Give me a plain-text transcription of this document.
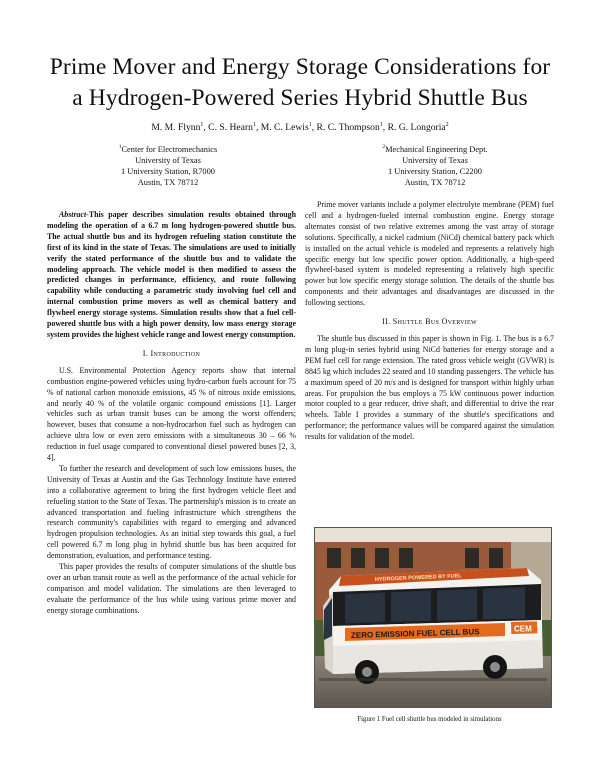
Prime Mover and Energy Storage Considerations for
a Hydrogen-Powered Series Hybrid Shuttle Bus
M. M. Flynn$^1$, C. S. Hearn$^1$, M. C. Lewis$^1$, R. C. Thompson$^1$, R. G. Longoria$^2$
$^1$Center for Electromechanics
University of Texas
1 University Station, R7000
Austin, TX 78712
$^2$Mechanical Engineering Dept.
University of Texas
1 University Station, C2200
Austin, TX 78712

Abstract-This paper describes simulation results obtained through modeling the operation of a 6.7 m long hydrogen-powered shuttle bus. The actual shuttle bus and its hydrogen refueling station constitute the first of its kind in the state of Texas. The simulations are used to initially verify the stated performance of the shuttle bus and to validate the modeling approach. The vehicle model is then modified to assess the predicted changes in performance, efficiency, and route following capability while conducting a parametric study involving fuel cell and internal combustion prime movers as well as chemical battery and flywheel energy storage systems. Simulation results show that a fuel cell-powered shuttle bus with a high power density, low mass energy storage system provides the highest vehicle range and lowest energy consumption.

I. Introduction

U.S. Environmental Protection Agency reports show that internal combustion engine-powered vehicles using hydro-carbon fuels account for 75 % of national carbon monoxide emissions, 45 % of nitrous oxide emissions, and nearly 40 % of the volatile organic compound emissions [1]. Larger vehicles such as urban transit buses can be among the worst offenders; however, buses that consume a non-hydrocarbon fuel such as hydrogen can achieve ultra low or even zero emissions with a simultaneous 30 – 66 % reduction in fuel usage compared to conventional diesel powered buses [2, 3, 4].

To further the research and development of such low emissions buses, the University of Texas at Austin and the Gas Technology Institute have entered into a collaborative agreement to bring the first hydrogen vehicle fleet and refueling station to the State of Texas. The partnership's mission is to create an advanced transportation and fueling infrastructure which strengthens the research community's capabilities with regard to emerging and advanced hydrogen propulsion technologies. As an initial step towards this goal, a fuel cell powered 6.7 m long plug in hybrid shuttle bus has been acquired for demonstration, evaluation, and performance testing.

This paper provides the results of computer simulations of the shuttle bus over an urban transit route as well as the performance of the actual vehicle for comparison and model validation. The simulations are then leveraged to evaluate the performance of the bus while using various prime mover and energy storage combinations.

Prime mover variants include a polymer electrolyte membrane (PEM) fuel cell and a hydrogen-fueled internal combustion engine. Energy storage alternates consist of two relative extremes among the vast array of storage solutions. Specifically, a nickel cadmium (NiCd) chemical battery pack which is installed on the actual vehicle is modeled and represents a relatively high specific energy but low specific power option. Additionally, a high-speed flywheel-based system is modeled representing a relatively high specific power but low specific energy storage solution. The details of the shuttle bus components and their advantages and disadvantages are discussed in the following sections.

II. Shuttle Bus Overview

The shuttle bus discussed in this paper is shown in Fig. 1. The bus is a 6.7 m long plug-in series hybrid using NiCd batteries for energy storage and a PEM fuel cell for range extension. The rated gross vehicle weight (GVWR) is 8845 kg which includes 22 seated and 10 standing passengers. The vehicle has a maximum speed of 20 m/s and is designed for transport within highly urban areas. For propulsion the bus employs a 75 kW continuous power induction motor coupled to a gear reducer, drive shaft, and differential to drive the rear wheels. Table I provides a summary of the shuttle's specifications and performance; the performance values will be compared against the simulation results for validation of the model.

HYDROGEN POWERED BY FUEL
ZERO EMISSION FUEL CELL BUS	CEM
Figure 1 Fuel cell shuttle bus modeled in simulations
